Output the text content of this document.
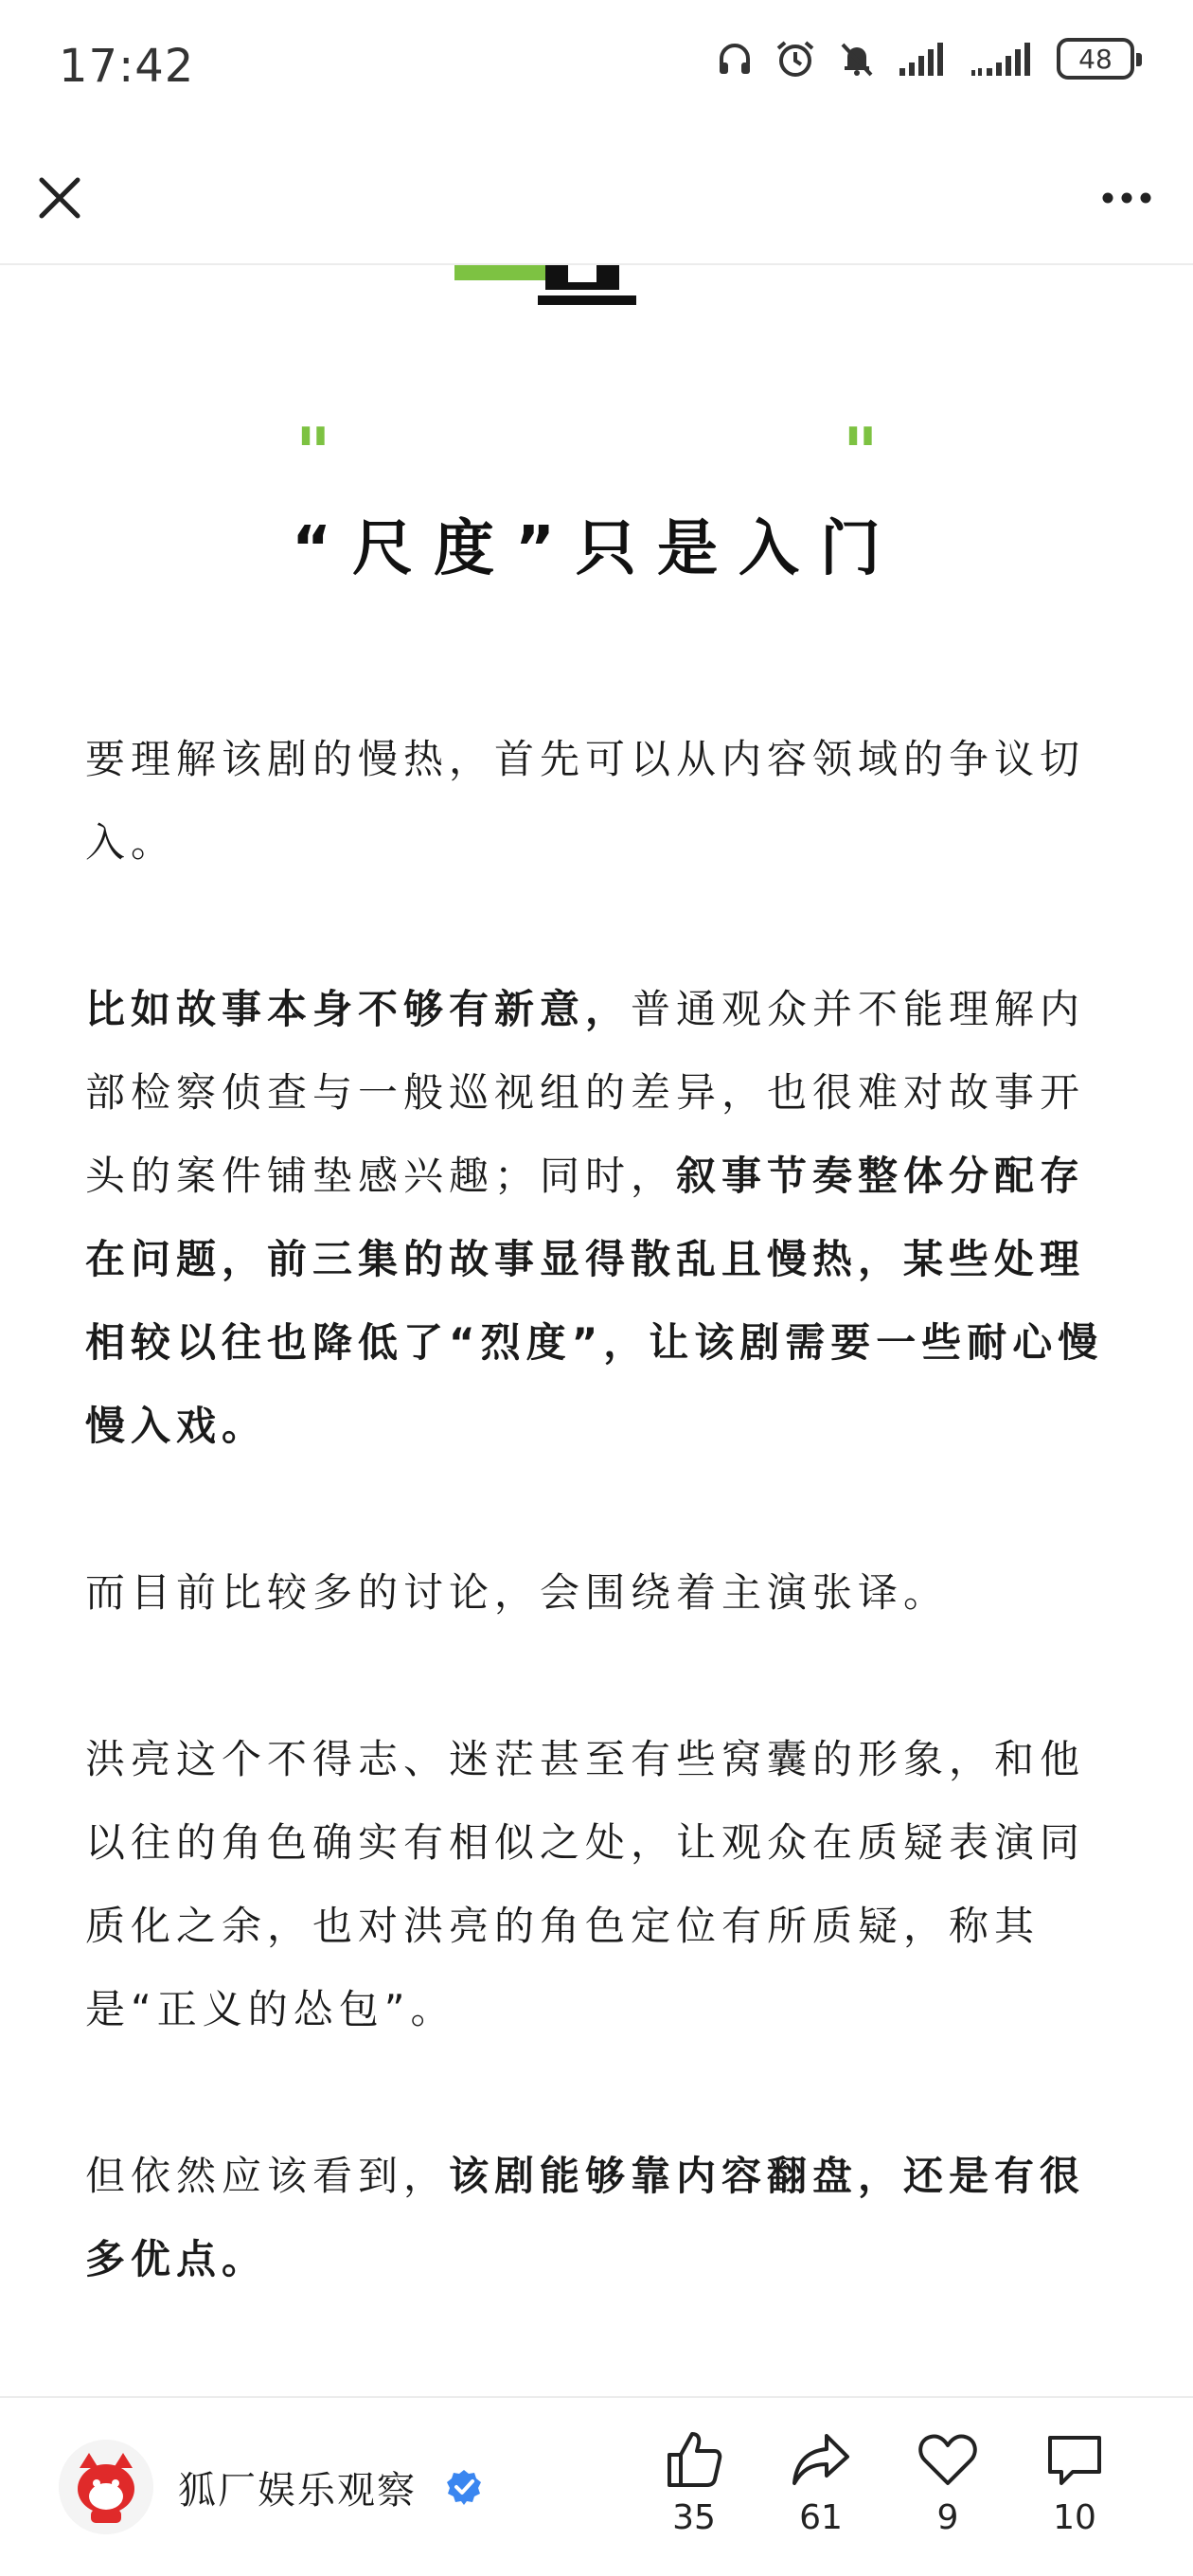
17:42	48
"	"
“尺度”只是入门
要理解该剧的慢热，首先可以从内容领域的争议切入。
比如故事本身不够有新意，普通观众并不能理解内部检察侦查与一般巡视组的差异，也很难对故事开头的案件铺垫感兴趣；同时，叙事节奏整体分配存在问题，前三集的故事显得散乱且慢热，某些处理相较以往也降低了“烈度”，让该剧需要一些耐心慢慢入戏。
而目前比较多的讨论，会围绕着主演张译。
洪亮这个不得志、迷茫甚至有些窝囊的形象，和他以往的角色确实有相似之处，让观众在质疑表演同质化之余，也对洪亮的角色定位有所质疑，称其是“正义的怂包”。
但依然应该看到，该剧能够靠内容翻盘，还是有很多优点。
狐厂娱乐观察
35	61	9	10
